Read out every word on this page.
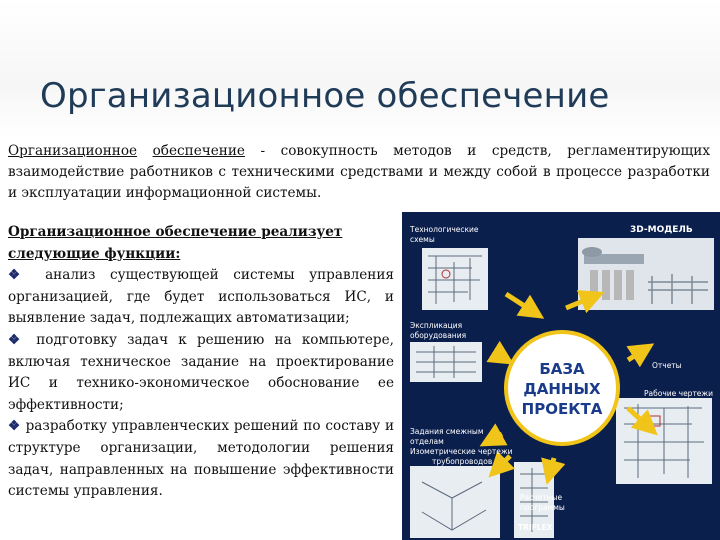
Организационное обеспечение

Организационное обеспечение - совокупность методов и средств, регламентирующих взаимодействие работников с техническими средствами и между собой в процессе разработки и эксплуатации информационной системы.

Организационное обеспечение реализует следующие функции:
❖ анализ существующей системы управления организацией, где будет использоваться ИС, и выявление задач, подлежащих автоматизации;
❖ подготовку задач к решению на компьютере, включая техническое задание на проектирование ИС и технико-экономическое обоснование ее эффективности;
❖ разработку управленческих решений по составу и структуре организации, методологии решения задач, направленных на повышение эффективности системы управления.
БАЗА
ДАННЫХ
ПРОЕКТА
Технологические
схемы
3D-МОДЕЛЬ
Экспликация
оборудования
Отчеты
Рабочие чертежи
Задания смежным
отделам
Изометрические чертежи
трубопроводов
Расчетные
программы
TRIFLEX
